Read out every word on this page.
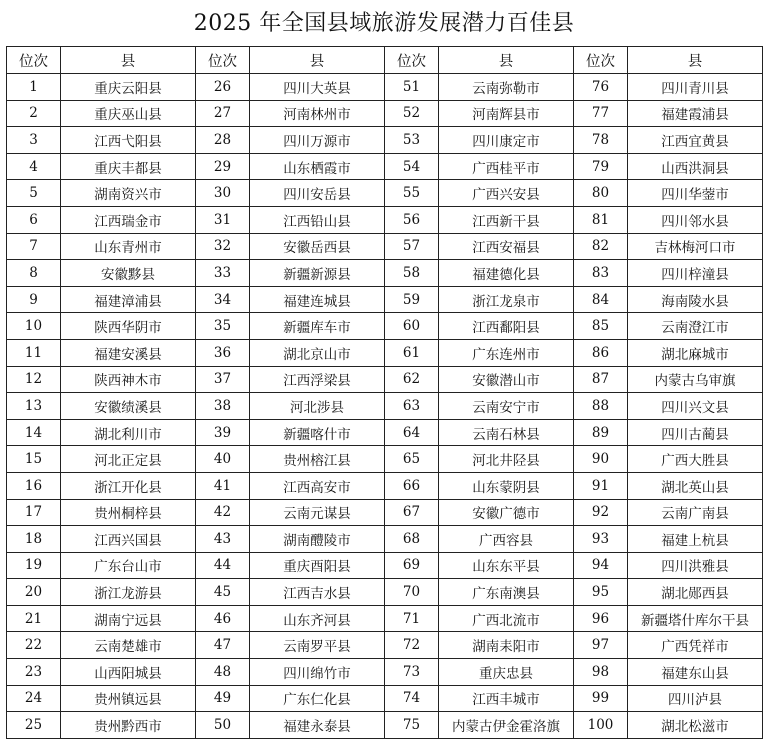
2025 年全国县域旅游发展潜力百佳县
位次	县	位次	县	位次	县	位次	县
1	重庆云阳县	26	四川大英县	51	云南弥勒市	76	四川青川县
2	重庆巫山县	27	河南林州市	52	河南辉县市	77	福建霞浦县
3	江西弋阳县	28	四川万源市	53	四川康定市	78	江西宜黄县
4	重庆丰都县	29	山东栖霞市	54	广西桂平市	79	山西洪洞县
5	湖南资兴市	30	四川安岳县	55	广西兴安县	80	四川华蓥市
6	江西瑞金市	31	江西铅山县	56	江西新干县	81	四川邻水县
7	山东青州市	32	安徽岳西县	57	江西安福县	82	吉林梅河口市
8	安徽黟县	33	新疆新源县	58	福建德化县	83	四川梓潼县
9	福建漳浦县	34	福建连城县	59	浙江龙泉市	84	海南陵水县
10	陕西华阴市	35	新疆库车市	60	江西鄱阳县	85	云南澄江市
11	福建安溪县	36	湖北京山市	61	广东连州市	86	湖北麻城市
12	陕西神木市	37	江西浮梁县	62	安徽潜山市	87	内蒙古乌审旗
13	安徽绩溪县	38	河北涉县	63	云南安宁市	88	四川兴文县
14	湖北利川市	39	新疆喀什市	64	云南石林县	89	四川古蔺县
15	河北正定县	40	贵州榕江县	65	河北井陉县	90	广西大胜县
16	浙江开化县	41	江西高安市	66	山东蒙阴县	91	湖北英山县
17	贵州桐梓县	42	云南元谋县	67	安徽广德市	92	云南广南县
18	江西兴国县	43	湖南醴陵市	68	广西容县	93	福建上杭县
19	广东台山市	44	重庆酉阳县	69	山东东平县	94	四川洪雅县
20	浙江龙游县	45	江西吉水县	70	广东南澳县	95	湖北郧西县
21	湖南宁远县	46	山东齐河县	71	广西北流市	96	新疆塔什库尔干县
22	云南楚雄市	47	云南罗平县	72	湖南耒阳市	97	广西凭祥市
23	山西阳城县	48	四川绵竹市	73	重庆忠县	98	福建东山县
24	贵州镇远县	49	广东仁化县	74	江西丰城市	99	四川泸县
25	贵州黔西市	50	福建永泰县	75	内蒙古伊金霍洛旗	100	湖北松滋市
